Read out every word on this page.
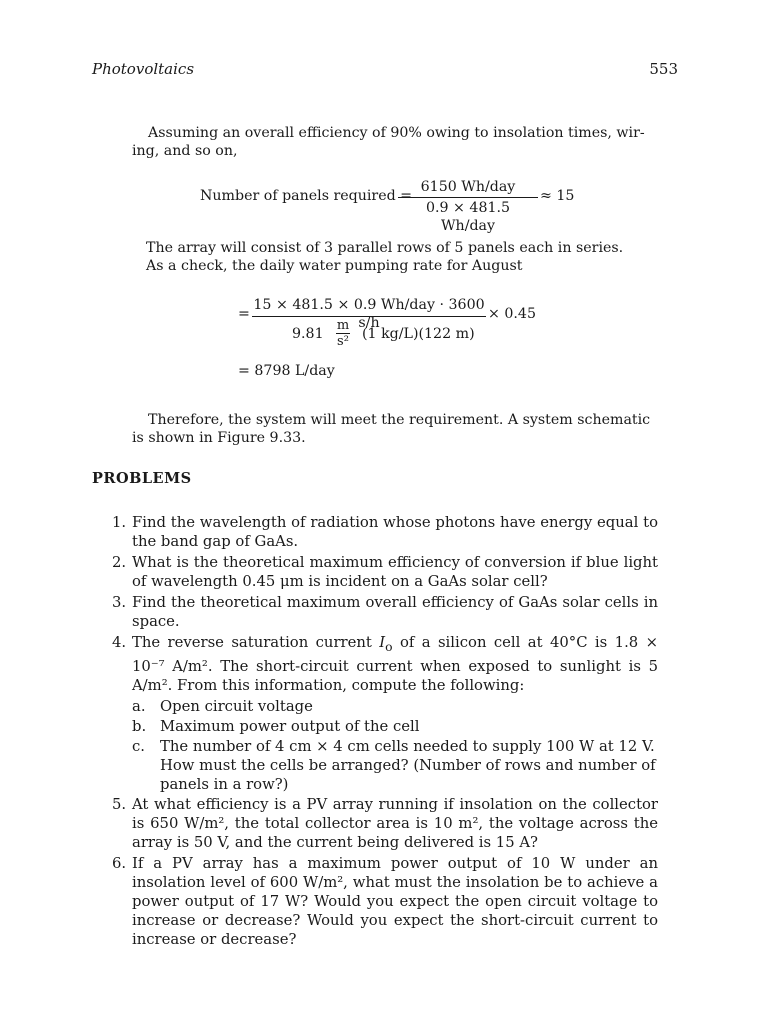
Photovoltaics	553
Assuming an overall efficiency of 90% owing to insolation times, wir-
ing, and so on,
Number of panels required =
6150 Wh/day
0.9 × 481.5 Wh/day
≈ 15
The array will consist of 3 parallel rows of 5 panels each in series.
As a check, the daily water pumping rate for August
=
15 × 481.5 × 0.9 Wh/day · 3600 s/h
9.81
m
s² (1 kg/L)(122 m)
× 0.45
= 8798 L/day
Therefore, the system will meet the requirement. A system schematic
is shown in Figure 9.33.
PROBLEMS
1. Find the wavelength of radiation whose photons have energy equal to the band gap of GaAs.
2. What is the theoretical maximum efficiency of conversion if blue light of wavelength 0.45 μm is incident on a GaAs solar cell?
3. Find the theoretical maximum overall efficiency of GaAs solar cells in space.
4. The reverse saturation current $I_o$ of a silicon cell at 40°C is 1.8 × 10⁻⁷ A/m². The short-circuit current when exposed to sunlight is 5 A/m². From this information, compute the following:
a. Open circuit voltage
b. Maximum power output of the cell
c. The number of 4 cm × 4 cm cells needed to supply 100 W at 12 V. How must the cells be arranged? (Number of rows and number of panels in a row?)
5. At what efficiency is a PV array running if insolation on the collector is 650 W/m², the total collector area is 10 m², the voltage across the array is 50 V, and the current being delivered is 15 A?
6. If a PV array has a maximum power output of 10 W under an insolation level of 600 W/m², what must the insolation be to achieve a power output of 17 W? Would you expect the open circuit voltage to increase or decrease? Would you expect the short-circuit current to increase or decrease?
